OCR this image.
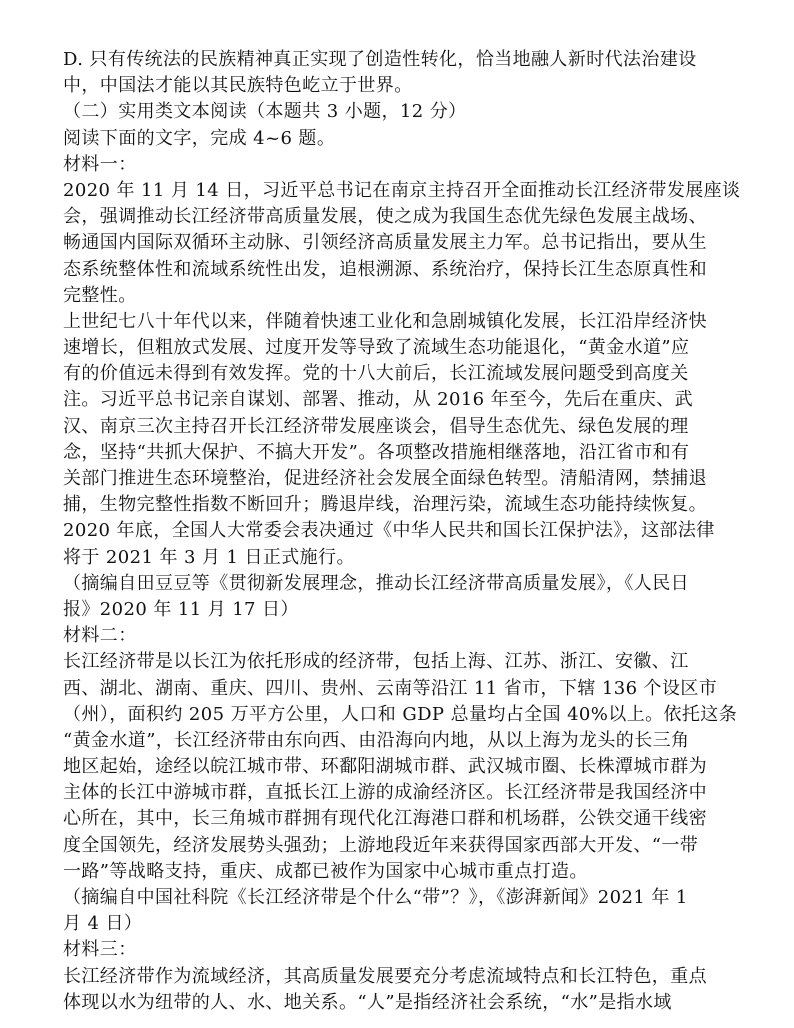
D. 只有传统法的民族精神真正实现了创造性转化，恰当地融人新时代法治建设
中，中国法才能以其民族特色屹立于世界。
（二）实用类文本阅读（本题共 3 小题，12 分）
阅读下面的文字，完成 4~6 题。
材料一：
2020 年 11 月 14 日，习近平总书记在南京主持召开全面推动长江经济带发展座谈
会，强调推动长江经济带高质量发展，使之成为我国生态优先绿色发展主战场、
畅通国内国际双循环主动脉、引领经济高质量发展主力军。总书记指出，要从生
态系统整体性和流域系统性出发，追根溯源、系统治疗，保持长江生态原真性和
完整性。
上世纪七八十年代以来，伴随着快速工业化和急剧城镇化发展，长江沿岸经济快
速增长，但粗放式发展、过度开发等导致了流域生态功能退化，“黄金水道”应
有的价值远未得到有效发挥。党的十八大前后，长江流域发展问题受到高度关
注。习近平总书记亲自谋划、部署、推动，从 2016 年至今，先后在重庆、武
汉、南京三次主持召开长江经济带发展座谈会，倡导生态优先、绿色发展的理
念，坚持“共抓大保护、不搞大开发”。各项整改措施相继落地，沿江省市和有
关部门推进生态环境整治，促进经济社会发展全面绿色转型。清船清网，禁捕退
捕，生物完整性指数不断回升；腾退岸线，治理污染，流域生态功能持续恢复。
2020 年底，全国人大常委会表决通过《中华人民共和国长江保护法》，这部法律
将于 2021 年 3 月 1 日正式施行。
（摘编自田豆豆等《贯彻新发展理念，推动长江经济带高质量发展》，《人民日
报》2020 年 11 月 17 日）
材料二：
长江经济带是以长江为依托形成的经济带，包括上海、江苏、浙江、安徽、江
西、湖北、湖南、重庆、四川、贵州、云南等沿江 11 省市，下辖 136 个设区市
（州），面积约 205 万平方公里，人口和 GDP 总量均占全国 40%以上。依托这条
“黄金水道”，长江经济带由东向西、由沿海向内地，从以上海为龙头的长三角
地区起始，途经以皖江城市带、环鄱阳湖城市群、武汉城市圈、长株潭城市群为
主体的长江中游城市群，直抵长江上游的成渝经济区。长江经济带是我国经济中
心所在，其中，长三角城市群拥有现代化江海港口群和机场群，公铁交通干线密
度全国领先，经济发展势头强劲；上游地段近年来获得国家西部大开发、“一带
一路”等战略支持，重庆、成都已被作为国家中心城市重点打造。
（摘编自中国社科院《长江经济带是个什么“带”？》，《澎湃新闻》2021 年 1
月 4 日）
材料三：
长江经济带作为流域经济，其高质量发展要充分考虑流域特点和长江特色，重点
体现以水为纽带的人、水、地关系。“人”是指经济社会系统，“水”是指水域
